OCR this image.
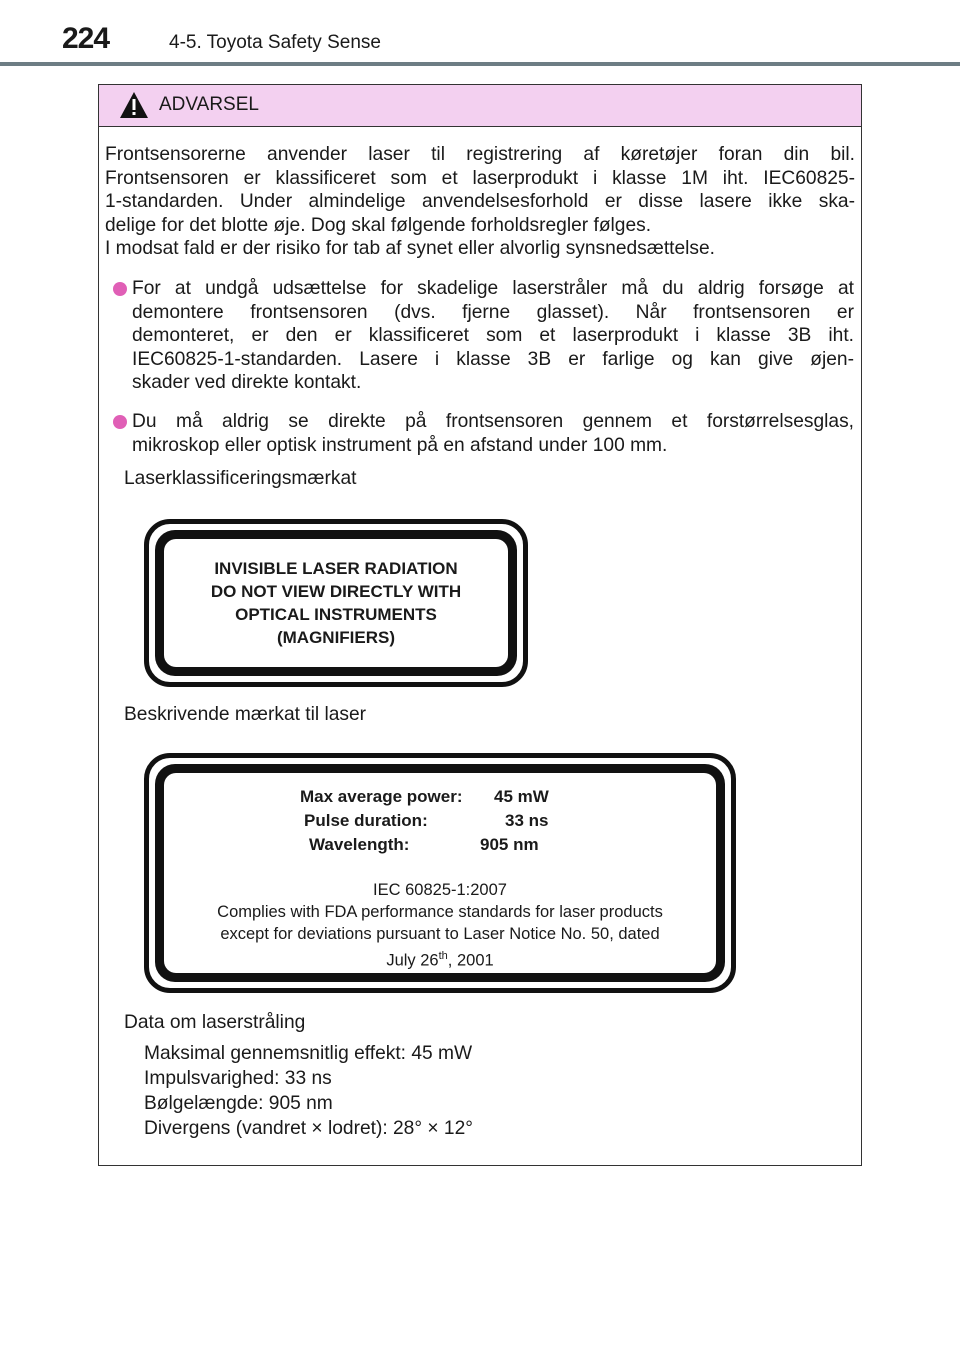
224	4-5. Toyota Safety Sense
ADVARSEL
Frontsensorerne anvender laser til registrering af køretøjer foran din bil.
Frontsensoren er klassificeret som et laserprodukt i klasse 1M iht. IEC60825-
1-standarden. Under almindelige anvendelsesforhold er disse lasere ikke ska-
delige for det blotte øje. Dog skal følgende forholdsregler følges.
I modsat fald er der risiko for tab af synet eller alvorlig synsnedsættelse.
For at undgå udsættelse for skadelige laserstråler må du aldrig forsøge at
demontere frontsensoren (dvs. fjerne glasset). Når frontsensoren er
demonteret, er den er klassificeret som et laserprodukt i klasse 3B iht.
IEC60825-1-standarden. Lasere i klasse 3B er farlige og kan give øjen-
skader ved direkte kontakt.
Du må aldrig se direkte på frontsensoren gennem et forstørrelsesglas,
mikroskop eller optisk instrument på en afstand under 100 mm.
Laserklassificeringsmærkat
INVISIBLE LASER RADIATION
DO NOT VIEW DIRECTLY WITH
OPTICAL INSTRUMENTS
(MAGNIFIERS)
Beskrivende mærkat til laser
Max average power: 45 mW
Pulse duration:	33 ns
Wavelength:	905 nm
IEC 60825-1:2007
Complies with FDA performance standards for laser products
except for deviations pursuant to Laser Notice No. 50, dated
July 26th, 2001
Data om laserstråling
Maksimal gennemsnitlig effekt: 45 mW
Impulsvarighed: 33 ns
Bølgelængde: 905 nm
Divergens (vandret × lodret): 28° × 12°
